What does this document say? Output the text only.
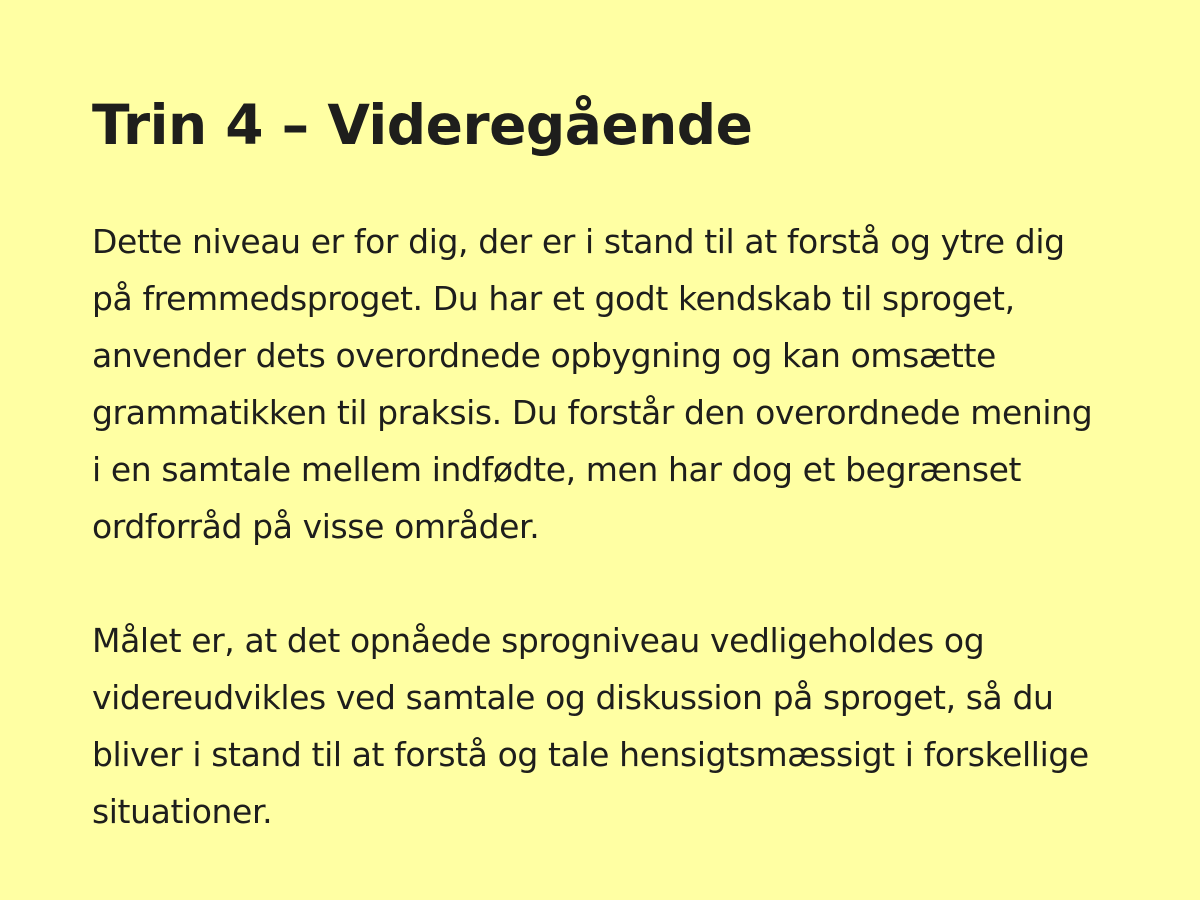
Trin 4 – Videregående

Dette niveau er for dig, der er i stand til at forstå og ytre dig på fremmedsproget. Du har et godt kendskab til sproget, anvender dets overordnede opbygning og kan omsætte grammatikken til praksis. Du forstår den overordnede mening i en samtale mellem indfødte, men har dog et begrænset ordforråd på visse områder.

Målet er, at det opnåede sprogniveau vedligeholdes og videreudvikles ved samtale og diskussion på sproget, så du bliver i stand til at forstå og tale hensigtsmæssigt i forskellige situationer.
